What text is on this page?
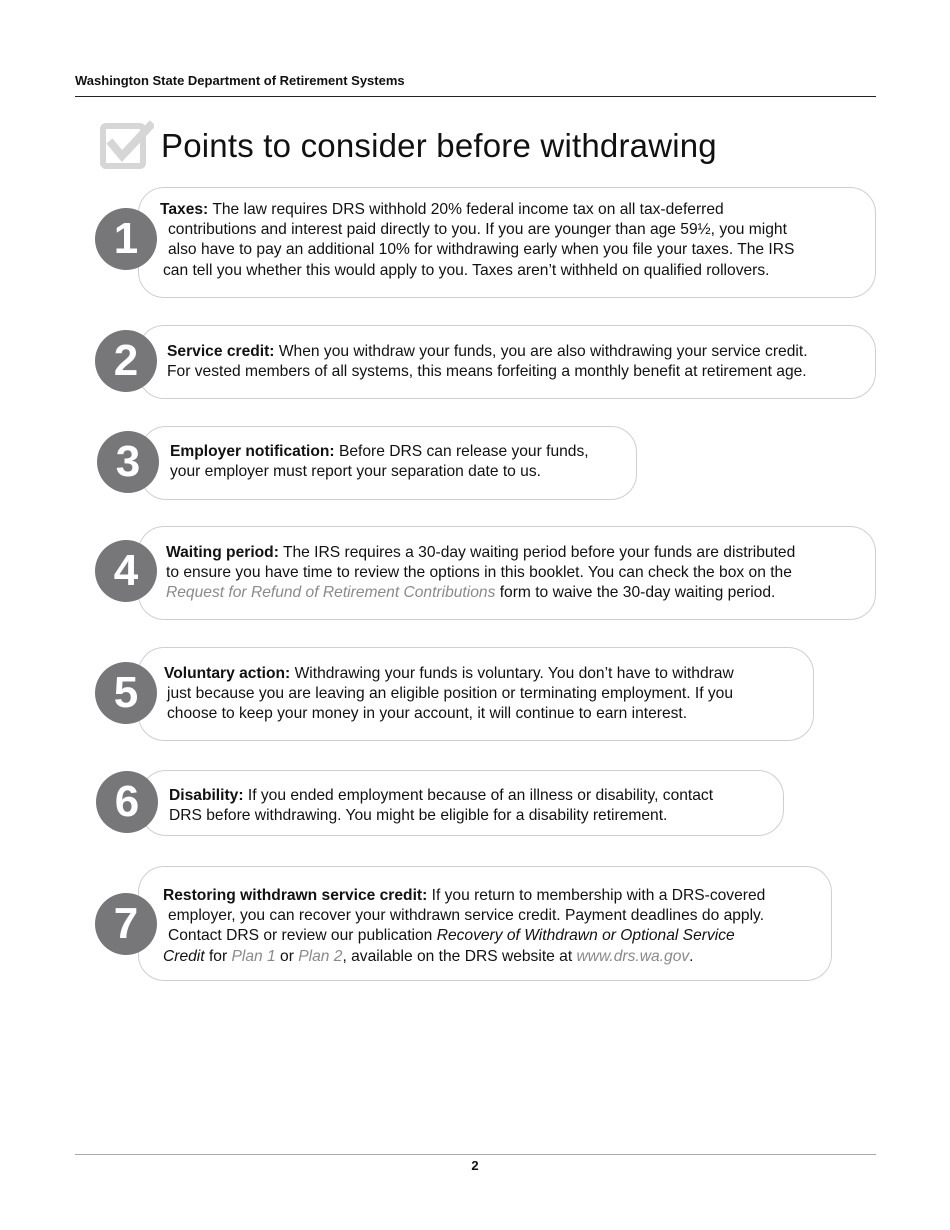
Washington State Department of Retirement Systems
Points to consider before withdrawing
1
Taxes: The law requires DRS withhold 20% federal income tax on all tax-deferred
contributions and interest paid directly to you. If you are younger than age 59½, you might
also have to pay an additional 10% for withdrawing early when you file your taxes. The IRS
can tell you whether this would apply to you. Taxes aren’t withheld on qualified rollovers.
2 Service credit: When you withdraw your funds, you are also withdrawing your service credit.
For vested members of all systems, this means forfeiting a monthly benefit at retirement age.
3 Employer notification: Before DRS can release your funds,
your employer must report your separation date to us.
4 Waiting period: The IRS requires a 30-day waiting period before your funds are distributed
to ensure you have time to review the options in this booklet. You can check the box on the
Request for Refund of Retirement Contributions form to waive the 30-day waiting period.
5 Voluntary action: Withdrawing your funds is voluntary. You don’t have to withdraw
just because you are leaving an eligible position or terminating employment. If you
choose to keep your money in your account, it will continue to earn interest.
6 Disability: If you ended employment because of an illness or disability, contact
DRS before withdrawing. You might be eligible for a disability retirement.
7
Restoring withdrawn service credit: If you return to membership with a DRS-covered
employer, you can recover your withdrawn service credit. Payment deadlines do apply.
Contact DRS or review our publication Recovery of Withdrawn or Optional Service
Credit for Plan 1 or Plan 2, available on the DRS website at www.drs.wa.gov.
2
